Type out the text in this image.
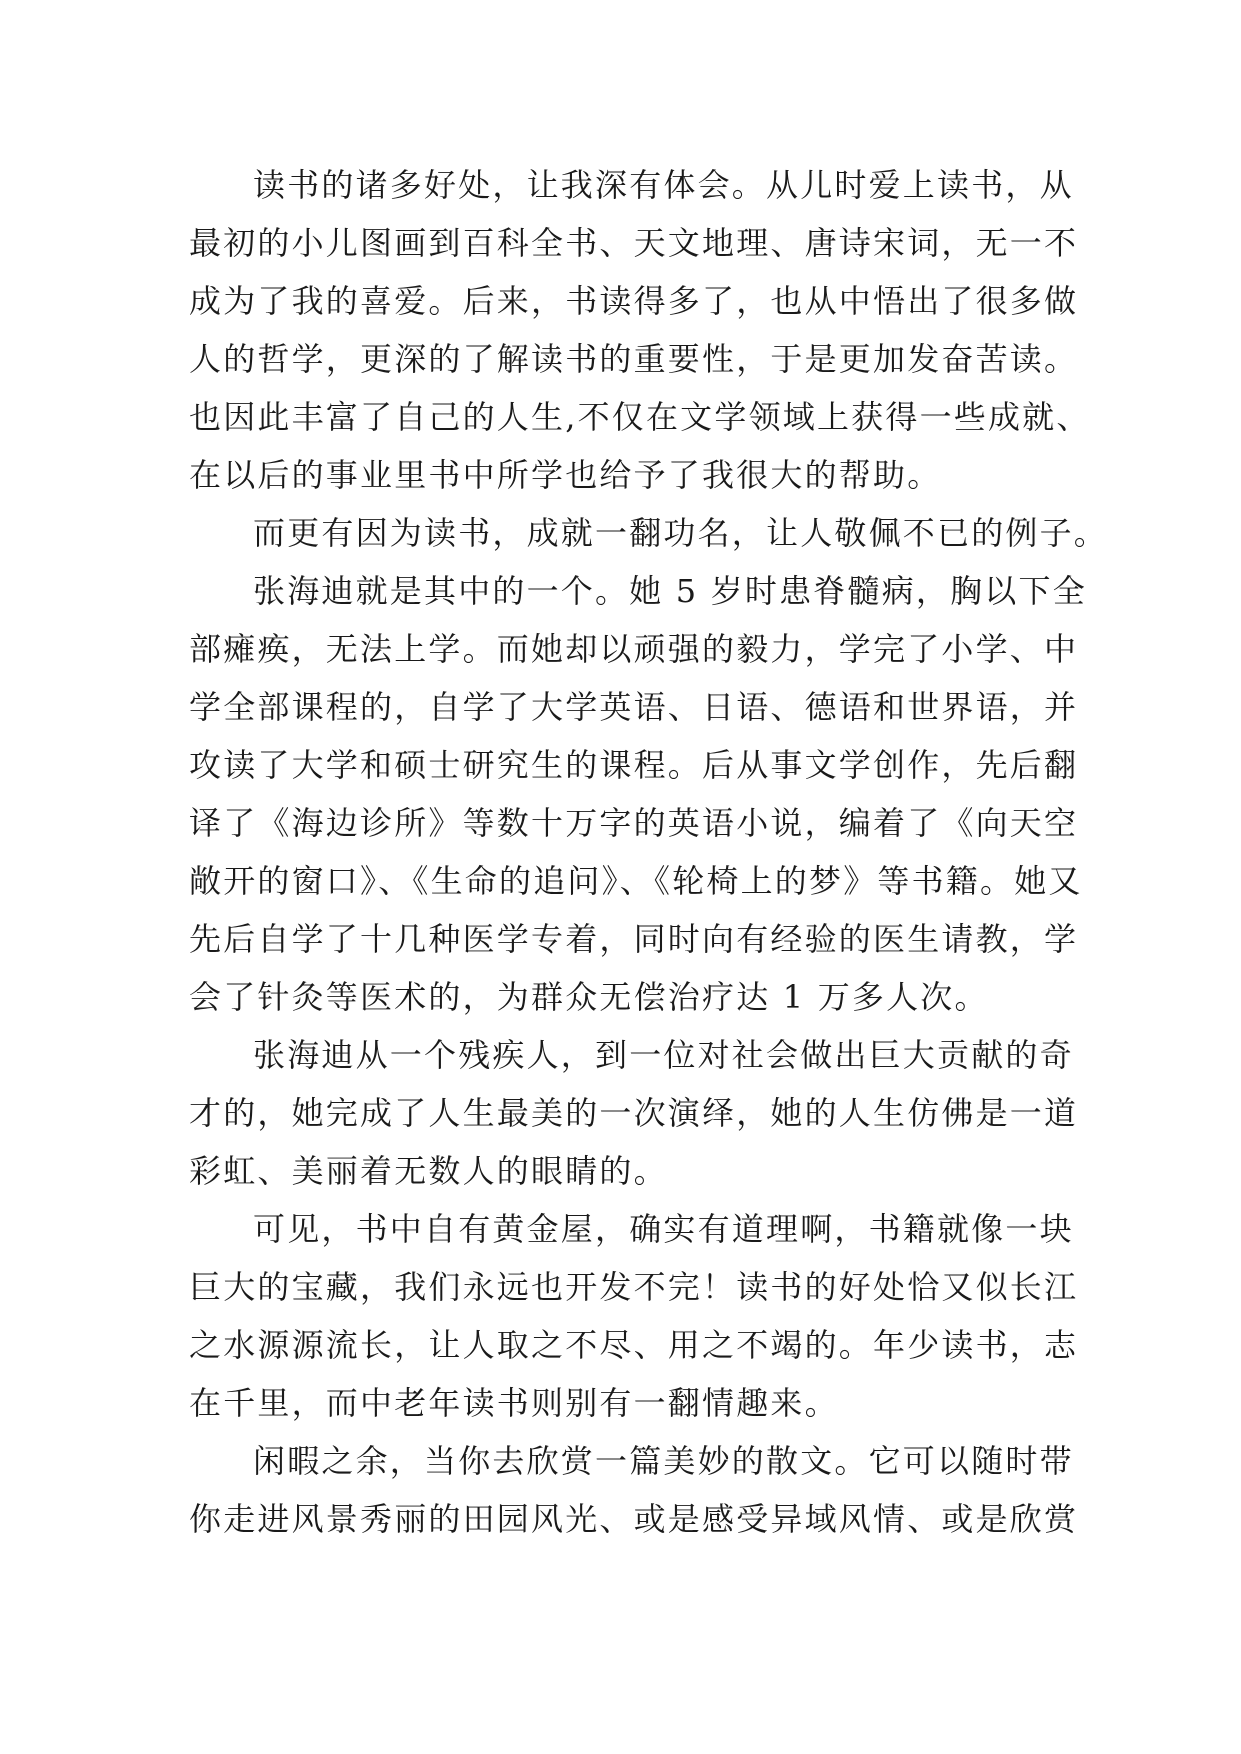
读书的诸多好处，让我深有体会。从儿时爱上读书，从
最初的小儿图画到百科全书、天文地理、唐诗宋词，无一不
成为了我的喜爱。后来，书读得多了，也从中悟出了很多做
人的哲学，更深的了解读书的重要性，于是更加发奋苦读。
也因此丰富了自己的人生,不仅在文学领域上获得一些成就、
在以后的事业里书中所学也给予了我很大的帮助。
而更有因为读书，成就一翻功名，让人敬佩不已的例子。
张海迪就是其中的一个。她 5 岁时患脊髓病，胸以下全
部瘫痪，无法上学。而她却以顽强的毅力，学完了小学、中
学全部课程的，自学了大学英语、日语、德语和世界语，并
攻读了大学和硕士研究生的课程。后从事文学创作，先后翻
译了《海边诊所》等数十万字的英语小说，编着了《向天空
敞开的窗口》、《生命的追问》、《轮椅上的梦》等书籍。她又
先后自学了十几种医学专着，同时向有经验的医生请教，学
会了针灸等医术的，为群众无偿治疗达 1 万多人次。
张海迪从一个残疾人，到一位对社会做出巨大贡献的奇
才的，她完成了人生最美的一次演绎，她的人生仿佛是一道
彩虹、美丽着无数人的眼睛的。
可见，书中自有黄金屋，确实有道理啊，书籍就像一块
巨大的宝藏，我们永远也开发不完！读书的好处恰又似长江
之水源源流长，让人取之不尽、用之不竭的。年少读书，志
在千里，而中老年读书则别有一翻情趣来。
闲暇之余，当你去欣赏一篇美妙的散文。它可以随时带
你走进风景秀丽的田园风光、或是感受异域风情、或是欣赏
